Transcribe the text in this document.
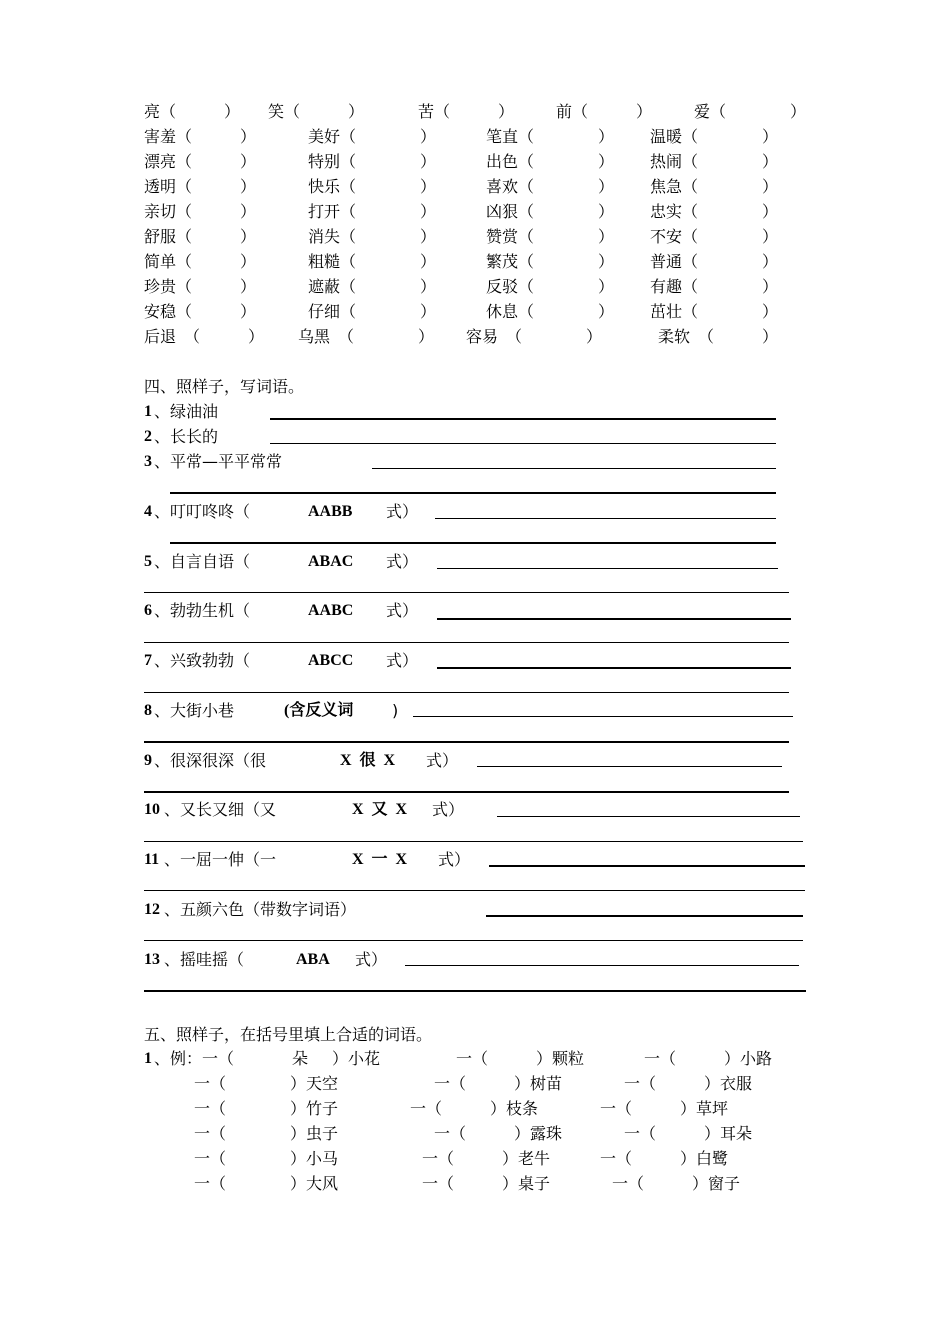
亮（　　　） 笑（　　　）	苦（　　　）	前（　　　）	爱（　　　　）
害羞（　　　）	美好（　　　　）	笔直（　　　　） 温暖（　　　　）
漂亮（　　　）	特别（　　　　）	出色（　　　　） 热闹（　　　　）
透明（　　　）	快乐（　　　　）	喜欢（　　　　） 焦急（　　　　）
亲切（　　　）	打开（　　　　）	凶狠（　　　　） 忠实（　　　　）
舒服（　　　）	消失（　　　　）	赞赏（　　　　） 不安（　　　　）
简单（　　　）	粗糙（　　　　）	繁茂（　　　　） 普通（　　　　）
珍贵（　　　）	遮蔽（　　　　）	反驳（　　　　） 有趣（　　　　）
安稳（　　　）	仔细（　　　　）	休息（　　　　） 茁壮（　　　　）
后退　（　　　） 乌黑　（　　　　） 容易　（　　　　）	柔软　（　　　）
四、照样子，写词语。
1 、绿油油
2 、长长的
3 、平常—平平常常
4 、叮叮咚咚（	AABB 式）
5 、自言自语（	ABAC 式）
6 、勃勃生机（	AABC 式）
7 、兴致勃勃（	ABCC 式）
8 、大街小巷	(含反义词 )
9 、很深很深（很	X  很  X 式）
10 、又长又细（又	X  又  X 式）
11 、一屈一伸（一	X  一  X 式）
12 、五颜六色（带数字词语）
13 、摇哇摇（	ABA 式）
五、照样子，在括号里填上合适的词语。
1 、例：一（	朵 ）小花	一（　　　）颗粒	一（　　　）小路
一（　　　　）天空	一（　　　）树苗	一（　　　）衣服
一（　　　　）竹子	一（　　　）枝条	一（　　　）草坪
一（　　　　）虫子	一（　　　）露珠	一（　　　）耳朵
一（　　　　）小马	一（　　　）老牛	一（　　　）白鹭
一（　　　　）大风	一（　　　）桌子	一（　　　）窗子
